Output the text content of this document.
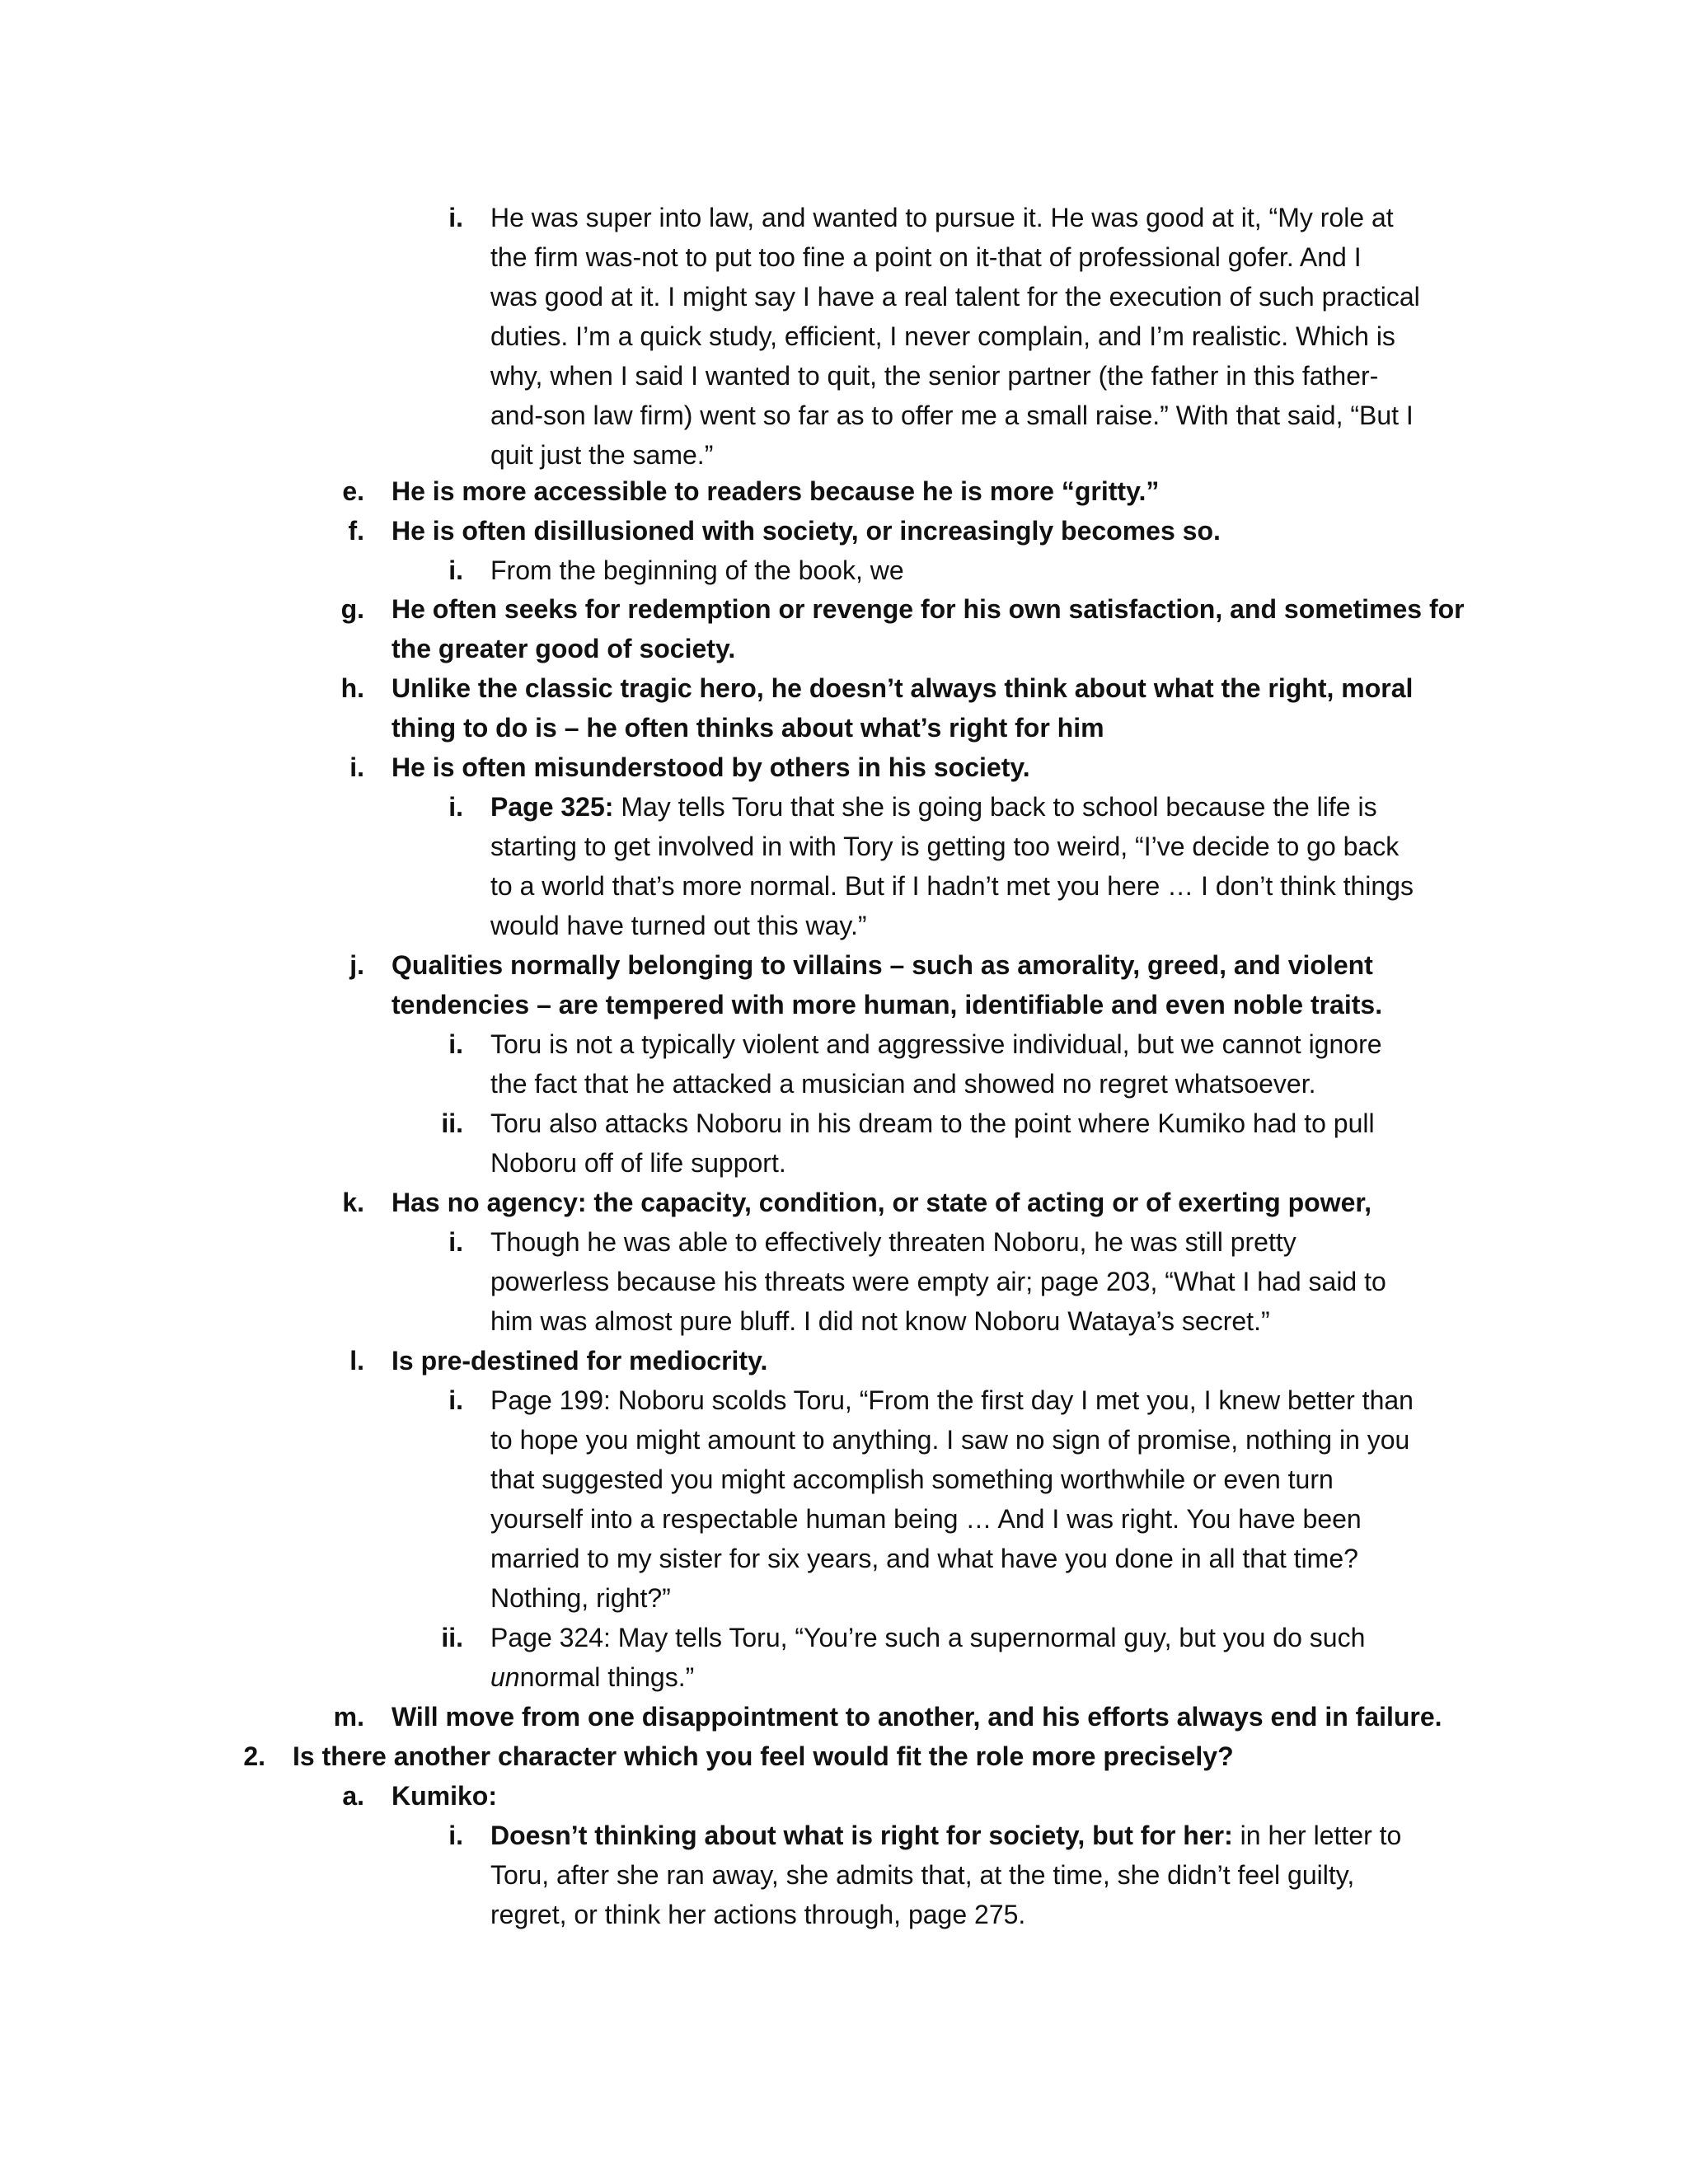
i. He was super into law, and wanted to pursue it. He was good at it, “My role at
the firm was-not to put too fine a point on it-that of professional gofer. And I
was good at it. I might say I have a real talent for the execution of such practical
duties. I’m a quick study, efficient, I never complain, and I’m realistic. Which is
why, when I said I wanted to quit, the senior partner (the father in this father-
and-son law firm) went so far as to offer me a small raise.” With that said, “But I
quit just the same.”
e. He is more accessible to readers because he is more “gritty.”
f. He is often disillusioned with society, or increasingly becomes so.
i. From the beginning of the book, we
g. He often seeks for redemption or revenge for his own satisfaction, and sometimes for
the greater good of society.
h. Unlike the classic tragic hero, he doesn’t always think about what the right, moral
thing to do is – he often thinks about what’s right for him
i. He is often misunderstood by others in his society.
i. Page 325: May tells Toru that she is going back to school because the life is
starting to get involved in with Tory is getting too weird, “I’ve decide to go back
to a world that’s more normal. But if I hadn’t met you here … I don’t think things
would have turned out this way.”
j. Qualities normally belonging to villains – such as amorality, greed, and violent
tendencies – are tempered with more human, identifiable and even noble traits.
i. Toru is not a typically violent and aggressive individual, but we cannot ignore
the fact that he attacked a musician and showed no regret whatsoever.
ii. Toru also attacks Noboru in his dream to the point where Kumiko had to pull
Noboru off of life support.
k. Has no agency: the capacity, condition, or state of acting or of exerting power,
i. Though he was able to effectively threaten Noboru, he was still pretty
powerless because his threats were empty air; page 203, “What I had said to
him was almost pure bluff. I did not know Noboru Wataya’s secret.”
l. Is pre-destined for mediocrity.
i. Page 199: Noboru scolds Toru, “From the first day I met you, I knew better than
to hope you might amount to anything. I saw no sign of promise, nothing in you
that suggested you might accomplish something worthwhile or even turn
yourself into a respectable human being … And I was right. You have been
married to my sister for six years, and what have you done in all that time?
Nothing, right?”
ii. Page 324: May tells Toru, “You’re such a supernormal guy, but you do such
unnormal things.”
m. Will move from one disappointment to another, and his efforts always end in failure.
2. Is there another character which you feel would fit the role more precisely?
a. Kumiko:
i. Doesn’t thinking about what is right for society, but for her: in her letter to
Toru, after she ran away, she admits that, at the time, she didn’t feel guilty,
regret, or think her actions through, page 275.
